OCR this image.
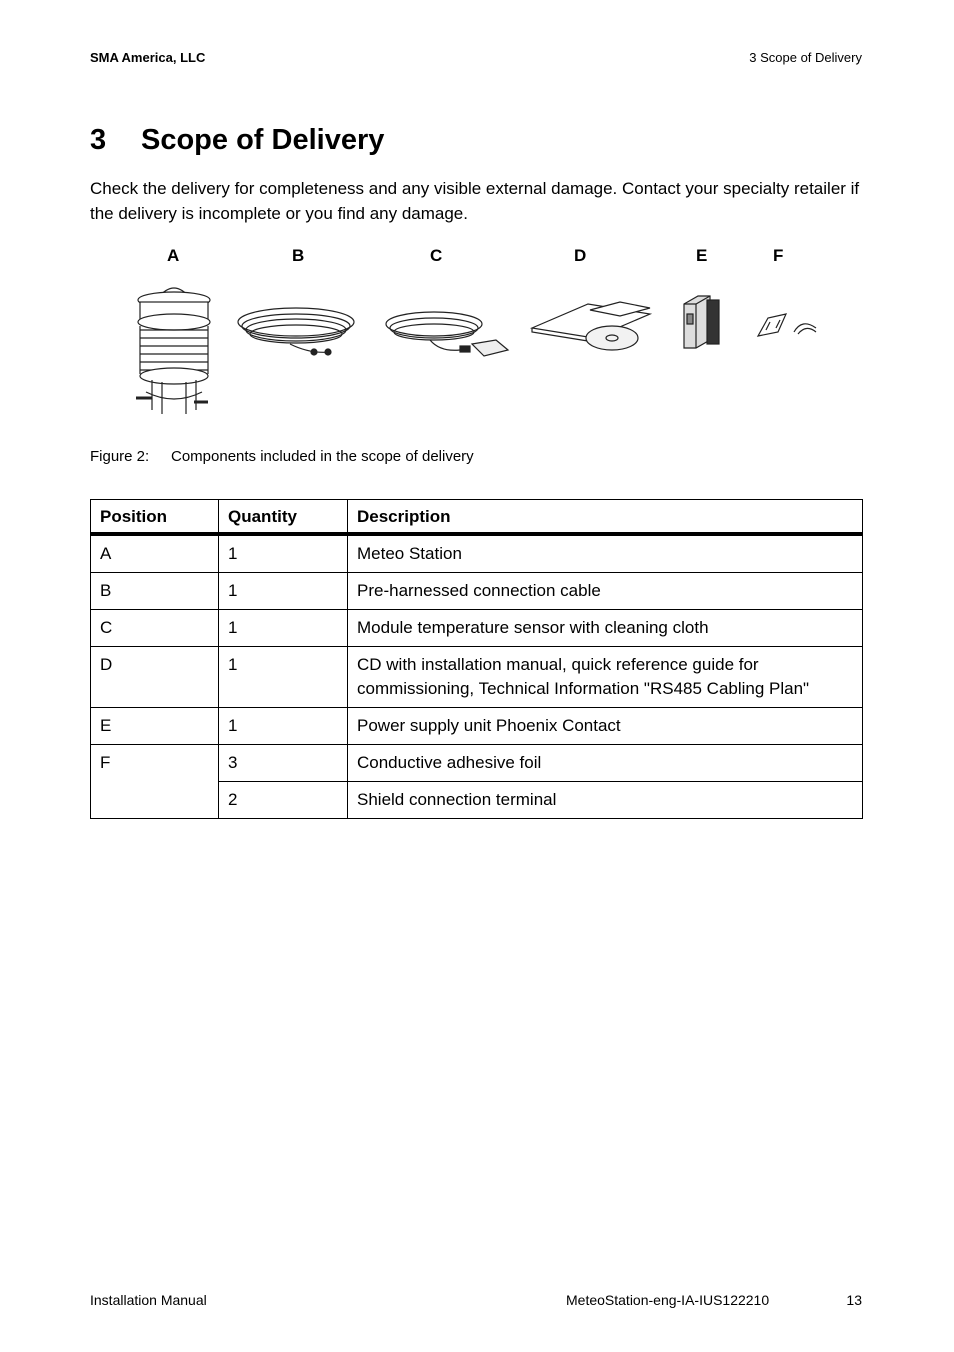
SMA America, LLC	3 Scope of Delivery
3 Scope of Delivery
Check the delivery for completeness and any visible external damage. Contact your specialty retailer if the delivery is incomplete or you find any damage.
A	B	C	D	E	F
Figure 2: Components included in the scope of delivery
Position	Quantity	Description
A	1	Meteo Station
B	1	Pre-harnessed connection cable
C	1	Module temperature sensor with cleaning cloth
D	1	CD with installation manual, quick reference guide for commissioning, Technical Information "RS485 Cabling Plan"
E	1	Power supply unit Phoenix Contact
F	3	Conductive adhesive foil
	2	Shield connection terminal
Installation Manual	MeteoStation-eng-IA-IUS122210	13
